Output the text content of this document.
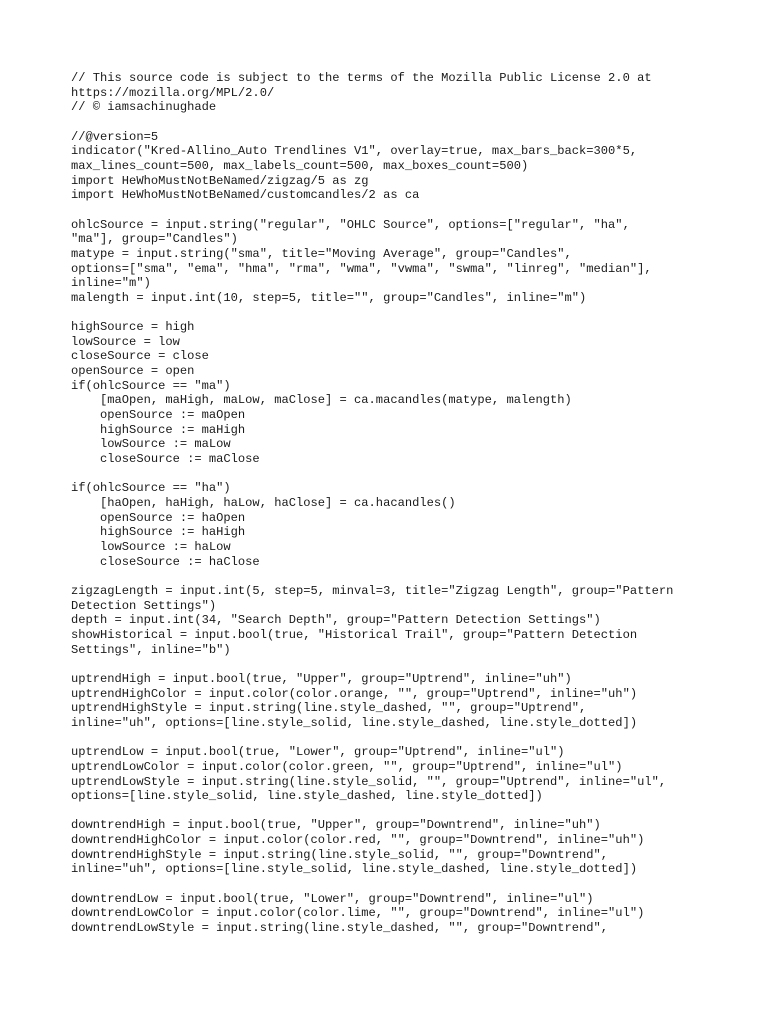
// This source code is subject to the terms of the Mozilla Public License 2.0 at
https://mozilla.org/MPL/2.0/
// © iamsachinughade

//@version=5
indicator("Kred-Allino_Auto Trendlines V1", overlay=true, max_bars_back=300*5,
max_lines_count=500, max_labels_count=500, max_boxes_count=500)
import HeWhoMustNotBeNamed/zigzag/5 as zg
import HeWhoMustNotBeNamed/customcandles/2 as ca

ohlcSource = input.string("regular", "OHLC Source", options=["regular", "ha",
"ma"], group="Candles")
matype = input.string("sma", title="Moving Average", group="Candles",
options=["sma", "ema", "hma", "rma", "wma", "vwma", "swma", "linreg", "median"],
inline="m")
malength = input.int(10, step=5, title="", group="Candles", inline="m")

highSource = high
lowSource = low
closeSource = close
openSource = open
if(ohlcSource == "ma")
[maOpen, maHigh, maLow, maClose] = ca.macandles(matype, malength)
openSource := maOpen
highSource := maHigh
lowSource := maLow
closeSource := maClose

if(ohlcSource == "ha")
[haOpen, haHigh, haLow, haClose] = ca.hacandles()
openSource := haOpen
highSource := haHigh
lowSource := haLow
closeSource := haClose

zigzagLength = input.int(5, step=5, minval=3, title="Zigzag Length", group="Pattern
Detection Settings")
depth = input.int(34, "Search Depth", group="Pattern Detection Settings")
showHistorical = input.bool(true, "Historical Trail", group="Pattern Detection
Settings", inline="b")

uptrendHigh = input.bool(true, "Upper", group="Uptrend", inline="uh")
uptrendHighColor = input.color(color.orange, "", group="Uptrend", inline="uh")
uptrendHighStyle = input.string(line.style_dashed, "", group="Uptrend",
inline="uh", options=[line.style_solid, line.style_dashed, line.style_dotted])

uptrendLow = input.bool(true, "Lower", group="Uptrend", inline="ul")
uptrendLowColor = input.color(color.green, "", group="Uptrend", inline="ul")
uptrendLowStyle = input.string(line.style_solid, "", group="Uptrend", inline="ul",
options=[line.style_solid, line.style_dashed, line.style_dotted])

downtrendHigh = input.bool(true, "Upper", group="Downtrend", inline="uh")
downtrendHighColor = input.color(color.red, "", group="Downtrend", inline="uh")
downtrendHighStyle = input.string(line.style_solid, "", group="Downtrend",
inline="uh", options=[line.style_solid, line.style_dashed, line.style_dotted])

downtrendLow = input.bool(true, "Lower", group="Downtrend", inline="ul")
downtrendLowColor = input.color(color.lime, "", group="Downtrend", inline="ul")
downtrendLowStyle = input.string(line.style_dashed, "", group="Downtrend",
